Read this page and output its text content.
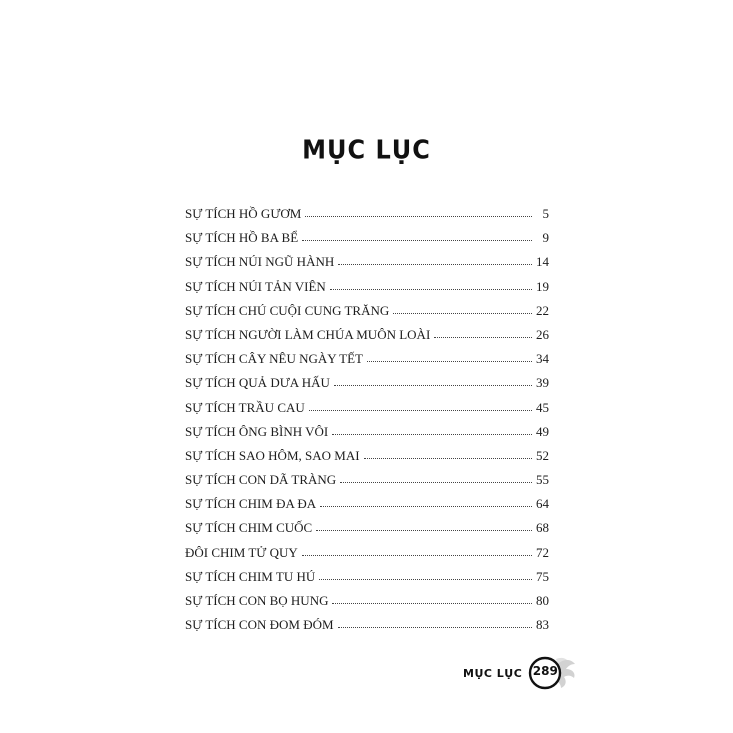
MỤC LỤC
SỰ TÍCH HỒ GƯƠM	5
SỰ TÍCH HỒ BA BỂ	9
SỰ TÍCH NÚI NGŨ HÀNH	14
SỰ TÍCH NÚI TẢN VIÊN	19
SỰ TÍCH CHÚ CUỘI CUNG TRĂNG	22
SỰ TÍCH NGƯỜI LÀM CHÚA MUÔN LOÀI	26
SỰ TÍCH CÂY NÊU NGÀY TẾT	34
SỰ TÍCH QUẢ DƯA HẤU	39
SỰ TÍCH TRẦU CAU	45
SỰ TÍCH ÔNG BÌNH VÔI	49
SỰ TÍCH SAO HÔM, SAO MAI	52
SỰ TÍCH CON DÃ TRÀNG	55
SỰ TÍCH CHIM ĐA ĐA	64
SỰ TÍCH CHIM CUỐC	68
ĐÔI CHIM TỬ QUY	72
SỰ TÍCH CHIM TU HÚ	75
SỰ TÍCH CON BỌ HUNG	80
SỰ TÍCH CON ĐOM ĐÓM	83
MỤC LỤC 289
